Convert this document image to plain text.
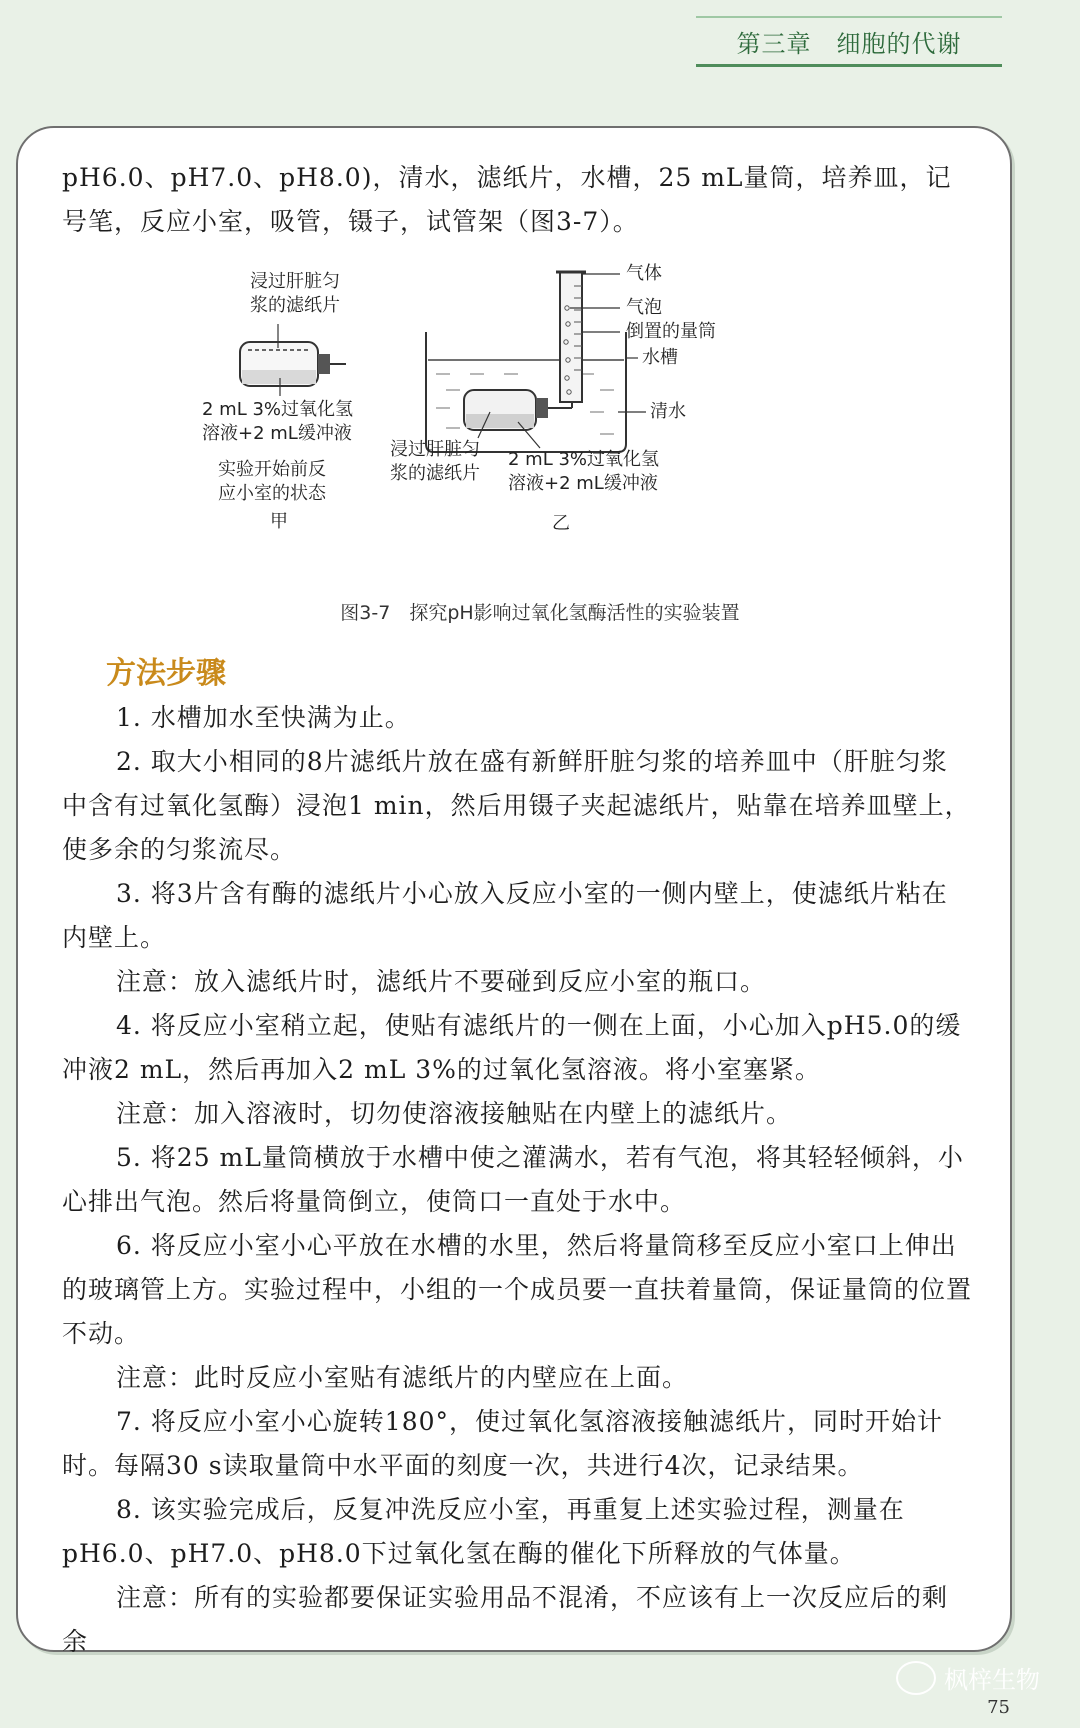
第三章　细胞的代谢

pH6.0、pH7.0、pH8.0)，清水，滤纸片，水槽，25 mL量筒，培养皿，记号笔，反应小室，吸管，镊子，试管架（图3-7）。

浸过肝脏匀
浆的滤纸片
2 mL 3%过氧化氢
溶液+2 mL缓冲液
实验开始前反
应小室的状态
甲
气体
气泡
倒置的量筒
水槽
清水
浸过肝脏匀
浆的滤纸片
2 mL 3%过氧化氢
溶液+2 mL缓冲液
乙
图3-7　探究pH影响过氧化氢酶活性的实验装置
方法步骤

1. 水槽加水至快满为止。

2. 取大小相同的8片滤纸片放在盛有新鲜肝脏匀浆的培养皿中（肝脏匀浆中含有过氧化氢酶）浸泡1 min，然后用镊子夹起滤纸片，贴靠在培养皿壁上，使多余的匀浆流尽。

3. 将3片含有酶的滤纸片小心放入反应小室的一侧内壁上，使滤纸片粘在内壁上。

注意：放入滤纸片时，滤纸片不要碰到反应小室的瓶口。

4. 将反应小室稍立起，使贴有滤纸片的一侧在上面，小心加入pH5.0的缓冲液2 mL，然后再加入2 mL 3%的过氧化氢溶液。将小室塞紧。

注意：加入溶液时，切勿使溶液接触贴在内壁上的滤纸片。

5. 将25 mL量筒横放于水槽中使之灌满水，若有气泡，将其轻轻倾斜，小心排出气泡。然后将量筒倒立，使筒口一直处于水中。

6. 将反应小室小心平放在水槽的水里，然后将量筒移至反应小室口上伸出的玻璃管上方。实验过程中，小组的一个成员要一直扶着量筒，保证量筒的位置不动。

注意：此时反应小室贴有滤纸片的内壁应在上面。

7. 将反应小室小心旋转180°，使过氧化氢溶液接触滤纸片，同时开始计时。每隔30 s读取量筒中水平面的刻度一次，共进行4次，记录结果。

8. 该实验完成后，反复冲洗反应小室，再重复上述实验过程，测量在pH6.0、pH7.0、pH8.0下过氧化氢在酶的催化下所释放的气体量。

注意：所有的实验都要保证实验用品不混淆，不应该有上一次反应后的剩余

枫梓生物
75
